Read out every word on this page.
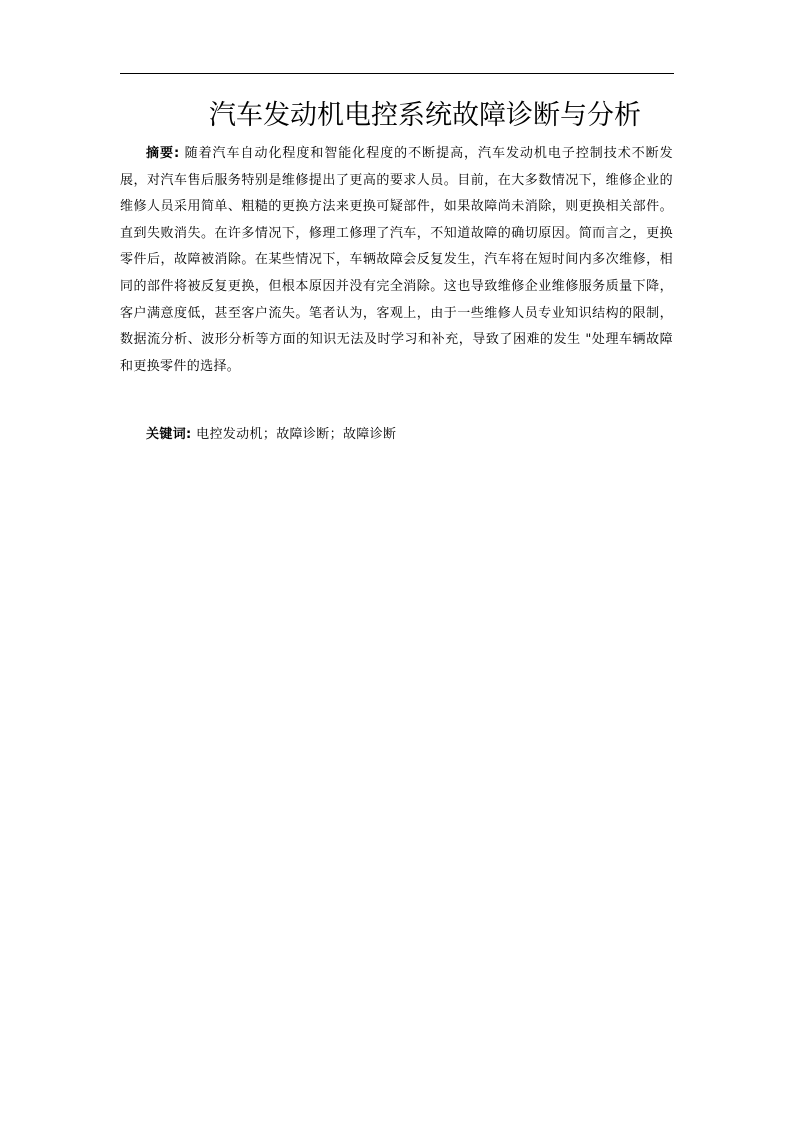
汽车发动机电控系统故障诊断与分析

摘要: 随着汽车自动化程度和智能化程度的不断提高，汽车发动机电子控制技术不断发展，对汽车售后服务特别是维修提出了更高的要求人员。目前，在大多数情况下，维修企业的维修人员采用简单、粗糙的更换方法来更换可疑部件，如果故障尚未消除，则更换相关部件。直到失败消失。在许多情况下，修理工修理了汽车，不知道故障的确切原因。简而言之，更换零件后，故障被消除。在某些情况下，车辆故障会反复发生，汽车将在短时间内多次维修，相同的部件将被反复更换，但根本原因并没有完全消除。这也导致维修企业维修服务质量下降，客户满意度低，甚至客户流失。笔者认为，客观上，由于一些维修人员专业知识结构的限制，数据流分析、波形分析等方面的知识无法及时学习和补充，导致了困难的发生 "处理车辆故障和更换零件的选择。

关键词: 电控发动机；故障诊断；故障诊断
